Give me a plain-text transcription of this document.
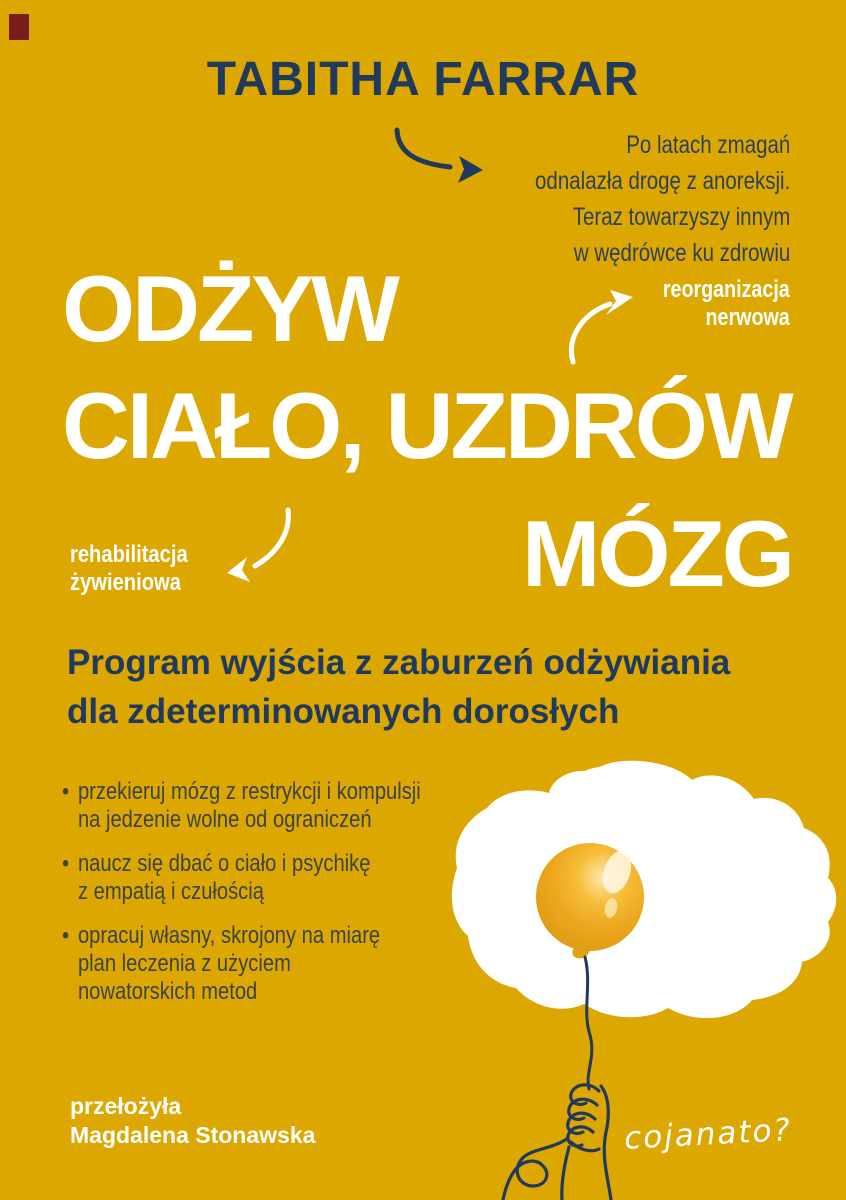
TABITHA FARRAR
Po latach zmagań
odnalazła drogę z anoreksji.
Teraz towarzyszy innym
w wędrówce ku zdrowiu
reorganizacja
nerwowa
ODŻYW
CIAŁO, UZDRÓW
MÓZG
rehabilitacja
żywieniowa
Program wyjścia z zaburzeń odżywiania
dla zdeterminowanych dorosłych
• przekieruj mózg z restrykcji i kompulsji
na jedzenie wolne od ograniczeń
• naucz się dbać o ciało i psychikę
z empatią i czułością
• opracuj własny, skrojony na miarę
plan leczenia z użyciem
nowatorskich metod
przełożyła
Magdalena Stonawska	cojanato?
